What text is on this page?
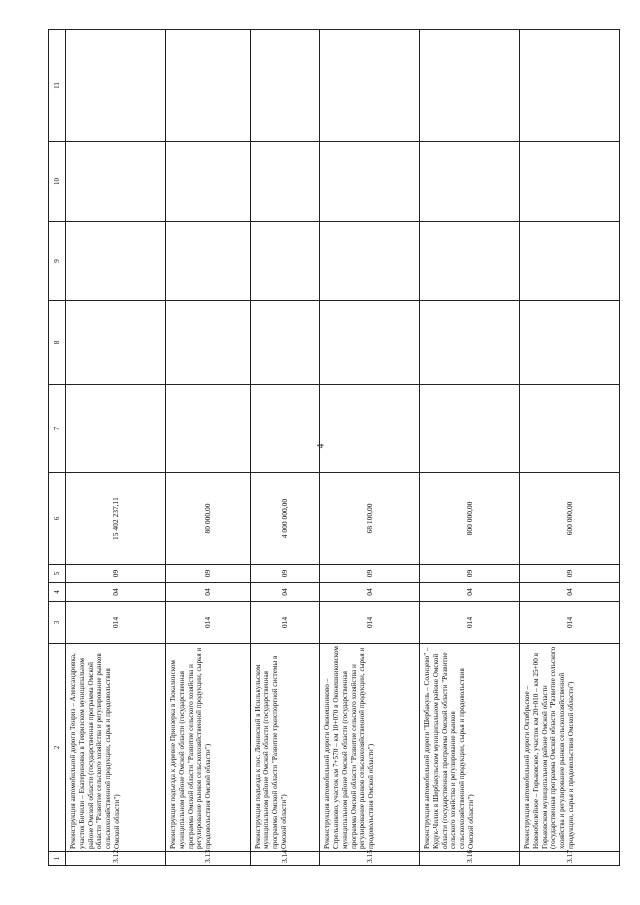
4
1	2	3	4	5	6	7	8	9	10	11
3.12	Реконструкция автомобильной дороги Тенриз – Александровка, участок Бичили – Екатериновка в Тевризском муниципальном районе Омской области (государственная программа Омской области "Развитие сельского хозяйства и регулирование рынков сельскохозяйственной продукции, сырья и продовольствия Омской области")	014	04	09	15 402 237,11					
3.13	Реконструкция подъезда к деревне Приозерка в Тюкалинском муниципальном районе Омской области (государственная программа Омской области "Развитие сельского хозяйства и регулирование рынков сельскохозяйственной продукции, сырья и продовольствия Омской области")	014	04	09	80 000,00					
3.14	Реконструкция подъезда к пос. Ленинский в Исилькульском муниципальном районе Омской области (государственная программа Омской области "Развитие транспортной системы в Омской области")	014	04	09	4 000 000,00					
3.15	Реконструкция автомобильной дороги Оконешниково – Стрельниково, участок км 7+570 – км 10+070 в Оконешниковском муниципальном районе Омской области (государственная программа Омской области "Развитие сельского хозяйства и регулирование рынков сельскохозяйственной продукции, сырья и продовольствия Омской области")	014	04	09	68 100,00					
3.16	Реконструкция автомобильной дороги "Шербакуль – Солнцево" – Кудук-Чилик в Шербакульском муниципальном районе Омской области (государственная программа Омской области "Развитие сельского хозяйства и регулирование рынков сельскохозяйственной продукции, сырья и продовольствия Омской области")	014	04	09	800 000,00					
3.17	Реконструкция автомобильной дороги Октябрьское – Новоюбилейное – Горьковское, участок км 20+010 – км 25+00 в Горьковском муниципальном районе Омской области (государственная программа Омской области "Развитие сельского хозяйства и регулирование рынков сельскохозяйственной продукции, сырья и продовольствия Омской области")	014	04	09	600 000,00					
